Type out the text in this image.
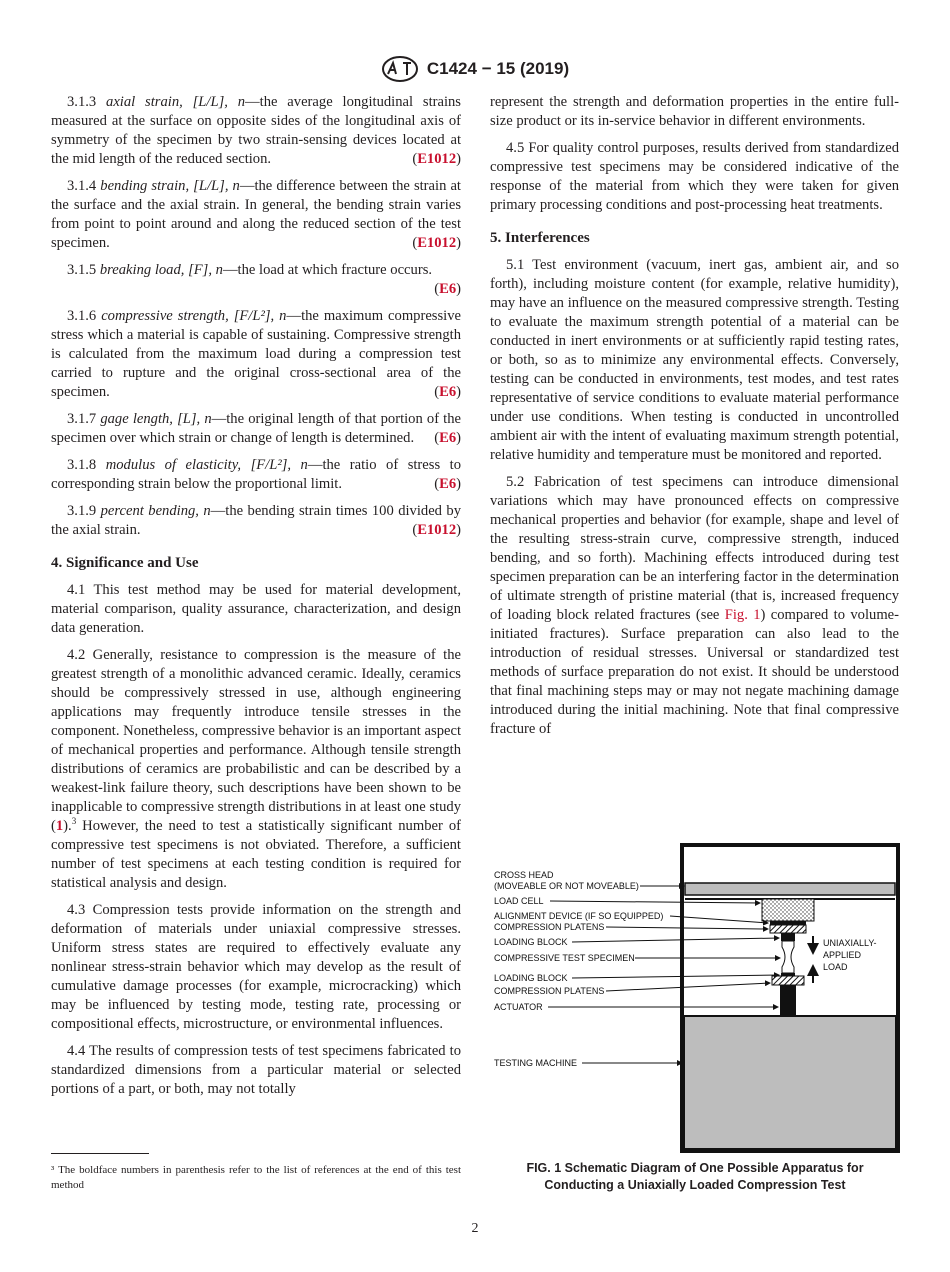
C1424 − 15 (2019)

3.1.3 axial strain, [L/L], n—the average longitudinal strains measured at the surface on opposite sides of the longitudinal axis of symmetry of the specimen by two strain-sensing devices located at the mid length of the reduced section.	(E1012)

3.1.4 bending strain, [L/L], n—the difference between the strain at the surface and the axial strain. In general, the bending strain varies from point to point around and along the reduced section of the test specimen.	(E1012)

3.1.5 breaking load, [F], n—the load at which fracture occurs.
(E6)

3.1.6 compressive strength, [F/L²], n—the maximum compressive stress which a material is capable of sustaining. Compressive strength is calculated from the maximum load during a compression test carried to rupture and the original cross-sectional area of the specimen.	(E6)

3.1.7 gage length, [L], n—the original length of that portion of the specimen over which strain or change of length is determined.	(E6)

3.1.8 modulus of elasticity, [F/L²], n—the ratio of stress to corresponding strain below the proportional limit.	(E6)

3.1.9 percent bending, n—the bending strain times 100 divided by the axial strain.	(E1012)

4. Significance and Use

4.1 This test method may be used for material development, material comparison, quality assurance, characterization, and design data generation.

4.2 Generally, resistance to compression is the measure of the greatest strength of a monolithic advanced ceramic. Ideally, ceramics should be compressively stressed in use, although engineering applications may frequently introduce tensile stresses in the component. Nonetheless, compressive behavior is an important aspect of mechanical properties and performance. Although tensile strength distributions of ceramics are probabilistic and can be described by a weakest-link failure theory, such descriptions have been shown to be inapplicable to compressive strength distributions in at least one study (1).$^3$ However, the need to test a statistically significant number of compressive test specimens is not obviated. Therefore, a sufficient number of test specimens at each testing condition is required for statistical analysis and design.

4.3 Compression tests provide information on the strength and deformation of materials under uniaxial compressive stresses. Uniform stress states are required to effectively evaluate any nonlinear stress-strain behavior which may develop as the result of cumulative damage processes (for example, microcracking) which may be influenced by testing mode, testing rate, processing or compositional effects, microstructure, or environmental influences.

4.4 The results of compression tests of test specimens fabricated to standardized dimensions from a particular material or selected portions of a part, or both, may not totally

³ The boldface numbers in parenthesis refer to the list of references at the end of this test method

represent the strength and deformation properties in the entire full-size product or its in-service behavior in different environments.

4.5 For quality control purposes, results derived from standardized compressive test specimens may be considered indicative of the response of the material from which they were taken for given primary processing conditions and post-processing heat treatments.

5. Interferences

5.1 Test environment (vacuum, inert gas, ambient air, and so forth), including moisture content (for example, relative humidity), may have an influence on the measured compressive strength. Testing to evaluate the maximum strength potential of a material can be conducted in inert environments or at sufficiently rapid testing rates, or both, so as to minimize any environmental effects. Conversely, testing can be conducted in environments, test modes, and test rates representative of service conditions to evaluate material performance under use conditions. When testing is conducted in uncontrolled ambient air with the intent of evaluating maximum strength potential, relative humidity and temperature must be monitored and reported.

5.2 Fabrication of test specimens can introduce dimensional variations which may have pronounced effects on compressive mechanical properties and behavior (for example, shape and level of the resulting stress-strain curve, compressive strength, induced bending, and so forth). Machining effects introduced during test specimen preparation can be an interfering factor in the determination of ultimate strength of pristine material (that is, increased frequency of loading block related fractures (see Fig. 1) compared to volume-initiated fractures). Surface preparation can also lead to the introduction of residual stresses. Universal or standardized test methods of surface preparation do not exist. It should be understood that final machining steps may or may not negate machining damage introduced during the initial machining. Note that final compressive fracture of

UNIAXIALLY-
APPLIED
LOAD
CROSS HEAD
(MOVEABLE OR NOT MOVEABLE)
LOAD CELL
ALIGNMENT DEVICE (IF SO EQUIPPED)
COMPRESSION PLATENS
LOADING BLOCK
COMPRESSIVE TEST SPECIMEN
LOADING BLOCK
COMPRESSION PLATENS
ACTUATOR
TESTING MACHINE
FIG. 1 Schematic Diagram of One Possible Apparatus for Conducting a Uniaxially Loaded Compression Test
2
